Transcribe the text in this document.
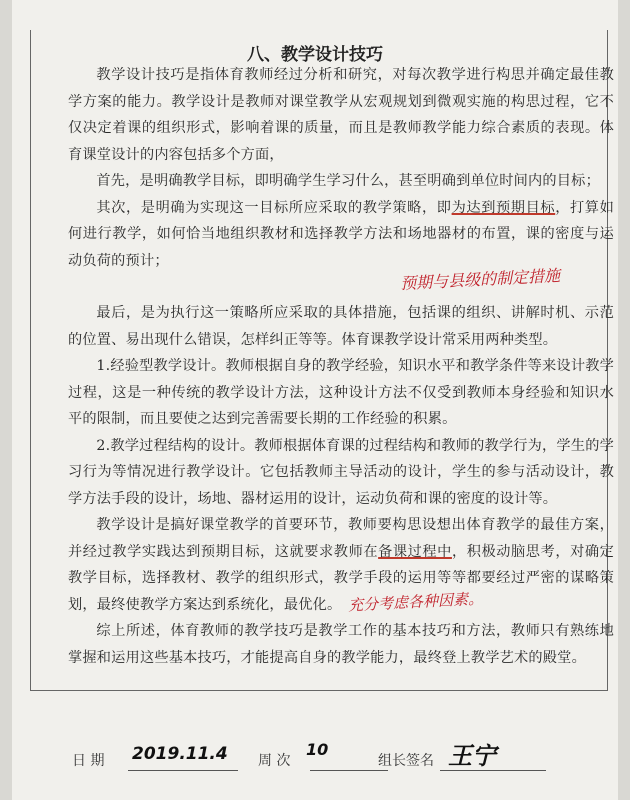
八、教学设计技巧

教学设计技巧是指体育教师经过分析和研究，对每次教学进行构思并确定最佳教学方案的能力。教学设计是教师对课堂教学从宏观规划到微观实施的构思过程，它不仅决定着课的组织形式，影响着课的质量，而且是教师教学能力综合素质的表现。体育课堂设计的内容包括多个方面，

首先，是明确教学目标，即明确学生学习什么，甚至明确到单位时间内的目标；

其次，是明确为实现这一目标所应采取的教学策略，即为达到预期目标，打算如何进行教学，如何恰当地组织教材和选择教学方法和场地器材的布置，课的密度与运动负荷的预计；

最后，是为执行这一策略所应采取的具体措施，包括课的组织、讲解时机、示范的位置、易出现什么错误，怎样纠正等等。体育课教学设计常采用两种类型。

1.经验型教学设计。教师根据自身的教学经验，知识水平和教学条件等来设计教学过程，这是一种传统的教学设计方法，这种设计方法不仅受到教师本身经验和知识水平的限制，而且要使之达到完善需要长期的工作经验的积累。

2.教学过程结构的设计。教师根据体育课的过程结构和教师的教学行为，学生的学习行为等情况进行教学设计。它包括教师主导活动的设计，学生的参与活动设计，教学方法手段的设计，场地、器材运用的设计，运动负荷和课的密度的设计等。

教学设计是搞好课堂教学的首要环节，教师要构思设想出体育教学的最佳方案，并经过教学实践达到预期目标，这就要求教师在备课过程中，积极动脑思考，对确定教学目标，选择教材、教学的组织形式，教学手段的运用等等都要经过严密的谋略策划，最终使教学方案达到系统化，最优化。

综上所述，体育教师的教学技巧是教学工作的基本技巧和方法，教师只有熟练地掌握和运用这些基本技巧，才能提高自身的教学能力，最终登上教学艺术的殿堂。

预期与县级的制定措施
充分考虑各种因素。
日 期 2019.11.4 周 次
10
组长签名 王宁
